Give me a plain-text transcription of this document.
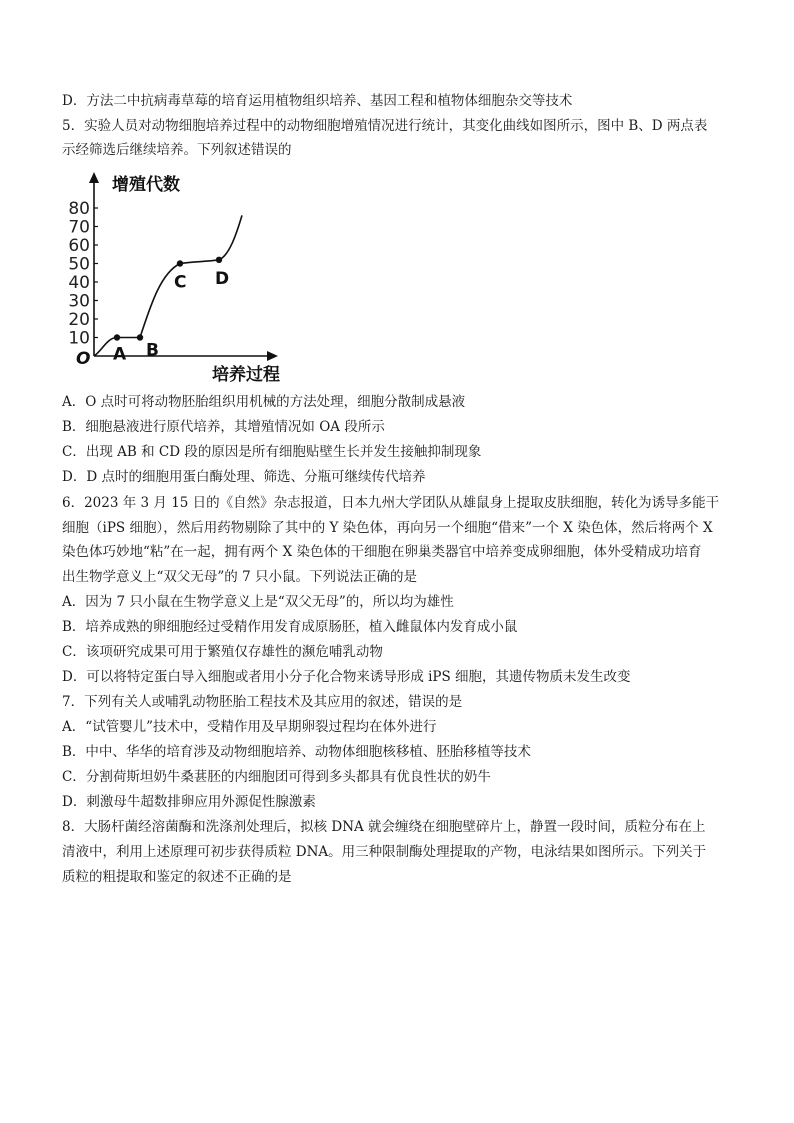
D．方法二中抗病毒草莓的培育运用植物组织培养、基因工程和植物体细胞杂交等技术
5．实验人员对动物细胞培养过程中的动物细胞增殖情况进行统计，其变化曲线如图所示，图中 B、D 两点表
示经筛选后继续培养。下列叙述错误的
10
20
30
40
50
60
70
80
增殖代数
培养过程
O A B
C D
A．O 点时可将动物胚胎组织用机械的方法处理，细胞分散制成悬液
B．细胞悬液进行原代培养，其增殖情况如 OA 段所示
C．出现 AB 和 CD 段的原因是所有细胞贴壁生长并发生接触抑制现象
D．D 点时的细胞用蛋白酶处理、筛选、分瓶可继续传代培养
6．2023 年 3 月 15 日的《自然》杂志报道，日本九州大学团队从雄鼠身上提取皮肤细胞，转化为诱导多能干
细胞（iPS 细胞），然后用药物剔除了其中的 Y 染色体，再向另一个细胞“借来”一个 X 染色体，然后将两个 X
染色体巧妙地“粘”在一起，拥有两个 X 染色体的干细胞在卵巢类器官中培养变成卵细胞，体外受精成功培育
出生物学意义上“双父无母”的 7 只小鼠。下列说法正确的是
A．因为 7 只小鼠在生物学意义上是“双父无母”的，所以均为雄性
B．培养成熟的卵细胞经过受精作用发育成原肠胚，植入雌鼠体内发育成小鼠
C．该项研究成果可用于繁殖仅存雄性的濒危哺乳动物
D．可以将特定蛋白导入细胞或者用小分子化合物来诱导形成 iPS 细胞，其遗传物质未发生改变
7．下列有关人或哺乳动物胚胎工程技术及其应用的叙述，错误的是
A．“试管婴儿”技术中，受精作用及早期卵裂过程均在体外进行
B．中中、华华的培育涉及动物细胞培养、动物体细胞核移植、胚胎移植等技术
C．分割荷斯坦奶牛桑葚胚的内细胞团可得到多头都具有优良性状的奶牛
D．刺激母牛超数排卵应用外源促性腺激素
8．大肠杆菌经溶菌酶和洗涤剂处理后，拟核 DNA 就会缠绕在细胞壁碎片上，静置一段时间，质粒分布在上
清液中，利用上述原理可初步获得质粒 DNA。用三种限制酶处理提取的产物，电泳结果如图所示。下列关于
质粒的粗提取和鉴定的叙述不正确的是
